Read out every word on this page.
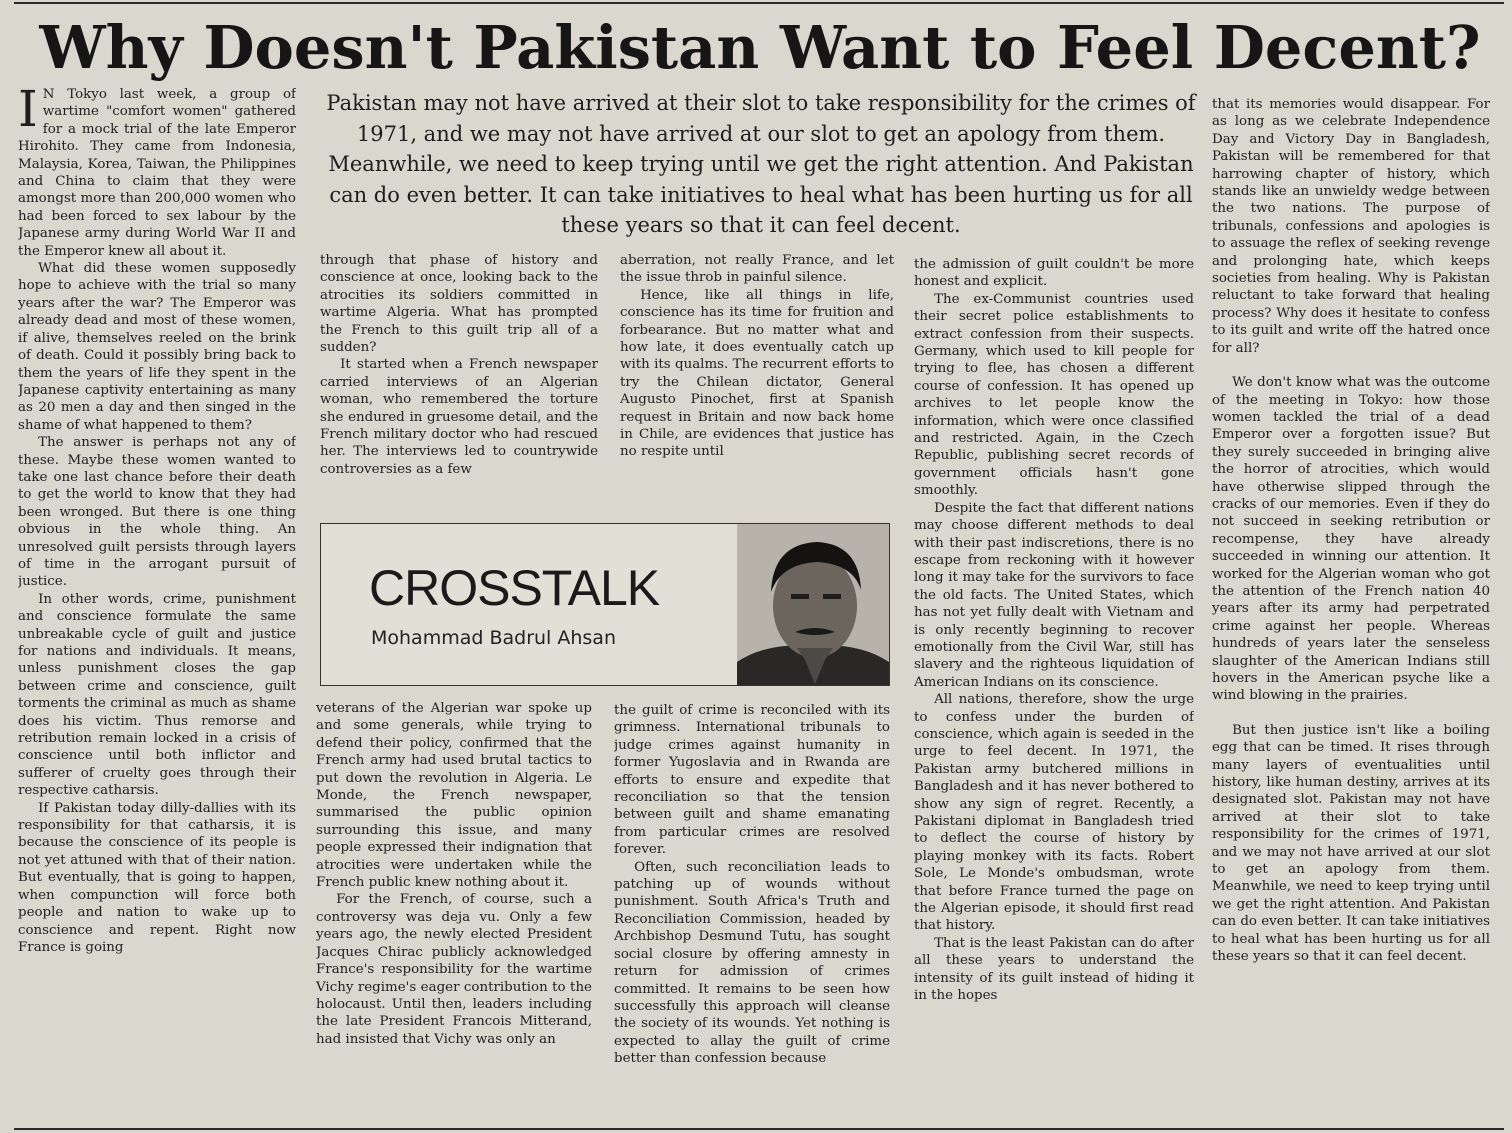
Why Doesn't Pakistan Want to Feel Decent?

I N Tokyo last week, a group of wartime "comfort women" gathered for a mock trial of the late Emperor Hirohito. They came from Indonesia, Malaysia, Korea, Taiwan, the Philippines and China to claim that they were amongst more than 200,000 women who had been forced to sex labour by the Japanese army during World War II and the Emperor knew all about it.

What did these women supposedly hope to achieve with the trial so many years after the war? The Emperor was already dead and most of these women, if alive, themselves reeled on the brink of death. Could it possibly bring back to them the years of life they spent in the Japanese captivity entertaining as many as 20 men a day and then singed in the shame of what happened to them?

The answer is perhaps not any of these. Maybe these women wanted to take one last chance before their death to get the world to know that they had been wronged. But there is one thing obvious in the whole thing. An unresolved guilt persists through layers of time in the arrogant pursuit of justice.

In other words, crime, punishment and conscience formulate the same unbreakable cycle of guilt and justice for nations and individuals. It means, unless punishment closes the gap between crime and conscience, guilt torments the criminal as much as shame does his victim. Thus remorse and retribution remain locked in a crisis of conscience until both inflictor and sufferer of cruelty goes through their respective catharsis.

If Pakistan today dilly-dallies with its responsibility for that catharsis, it is because the conscience of its people is not yet attuned with that of their nation. But eventually, that is going to happen, when compunction will force both people and nation to wake up to conscience and repent. Right now France is going

Pakistan may not have arrived at their slot to take responsibility for the crimes of 1971, and we may not have arrived at our slot to get an apology from them. Meanwhile, we need to keep trying until we get the right attention. And Pakistan can do even better. It can take initiatives to heal what has been hurting us for all these years so that it can feel decent.

through that phase of history and conscience at once, looking back to the atrocities its soldiers committed in wartime Algeria. What has prompted the French to this guilt trip all of a sudden?

It started when a French newspaper carried interviews of an Algerian woman, who remembered the torture she endured in gruesome detail, and the French military doctor who had rescued her. The interviews led to countrywide controversies as a few

aberration, not really France, and let the issue throb in painful silence.

Hence, like all things in life, conscience has its time for fruition and forbearance. But no matter what and how late, it does eventually catch up with its qualms. The recurrent efforts to try the Chilean dictator, General Augusto Pinochet, first at Spanish request in Britain and now back home in Chile, are evidences that justice has no respite until

CROSSTALK
Mohammad Badrul Ahsan

veterans of the Algerian war spoke up and some generals, while trying to defend their policy, confirmed that the French army had used brutal tactics to put down the revolution in Algeria. Le Monde, the French newspaper, summarised the public opinion surrounding this issue, and many people expressed their indignation that atrocities were undertaken while the French public knew nothing about it.

For the French, of course, such a controversy was deja vu. Only a few years ago, the newly elected President Jacques Chirac publicly acknowledged France's responsibility for the wartime Vichy regime's eager contribution to the holocaust. Until then, leaders including the late President Francois Mitterand, had insisted that Vichy was only an

the guilt of crime is reconciled with its grimness. International tribunals to judge crimes against humanity in former Yugoslavia and in Rwanda are efforts to ensure and expedite that reconciliation so that the tension between guilt and shame emanating from particular crimes are resolved forever.

Often, such reconciliation leads to patching up of wounds without punishment. South Africa's Truth and Reconciliation Commission, headed by Archbishop Desmund Tutu, has sought social closure by offering amnesty in return for admission of crimes committed. It remains to be seen how successfully this approach will cleanse the society of its wounds. Yet nothing is expected to allay the guilt of crime better than confession because

the admission of guilt couldn't be more honest and explicit.

The ex-Communist countries used their secret police establishments to extract confession from their suspects. Germany, which used to kill people for trying to flee, has chosen a different course of confession. It has opened up archives to let people know the information, which were once classified and restricted. Again, in the Czech Republic, publishing secret records of government officials hasn't gone smoothly.

Despite the fact that different nations may choose different methods to deal with their past indiscretions, there is no escape from reckoning with it however long it may take for the survivors to face the old facts. The United States, which has not yet fully dealt with Vietnam and is only recently beginning to recover emotionally from the Civil War, still has slavery and the righteous liquidation of American Indians on its conscience.

All nations, therefore, show the urge to confess under the burden of conscience, which again is seeded in the urge to feel decent. In 1971, the Pakistan army butchered millions in Bangladesh and it has never bothered to show any sign of regret. Recently, a Pakistani diplomat in Bangladesh tried to deflect the course of history by playing monkey with its facts. Robert Sole, Le Monde's ombudsman, wrote that before France turned the page on the Algerian episode, it should first read that history.

That is the least Pakistan can do after all these years to understand the intensity of its guilt instead of hiding it in the hopes

that its memories would disappear. For as long as we celebrate Independence Day and Victory Day in Bangladesh, Pakistan will be remembered for that harrowing chapter of history, which stands like an unwieldy wedge between the two nations. The purpose of tribunals, confessions and apologies is to assuage the reflex of seeking revenge and prolonging hate, which keeps societies from healing. Why is Pakistan reluctant to take forward that healing process? Why does it hesitate to confess to its guilt and write off the hatred once for all?

We don't know what was the outcome of the meeting in Tokyo: how those women tackled the trial of a dead Emperor over a forgotten issue? But they surely succeeded in bringing alive the horror of atrocities, which would have otherwise slipped through the cracks of our memories. Even if they do not succeed in seeking retribution or recompense, they have already succeeded in winning our attention. It worked for the Algerian woman who got the attention of the French nation 40 years after its army had perpetrated crime against her people. Whereas hundreds of years later the senseless slaughter of the American Indians still hovers in the American psyche like a wind blowing in the prairies.

But then justice isn't like a boiling egg that can be timed. It rises through many layers of eventualities until history, like human destiny, arrives at its designated slot. Pakistan may not have arrived at their slot to take responsibility for the crimes of 1971, and we may not have arrived at our slot to get an apology from them. Meanwhile, we need to keep trying until we get the right attention. And Pakistan can do even better. It can take initiatives to heal what has been hurting us for all these years so that it can feel decent.
